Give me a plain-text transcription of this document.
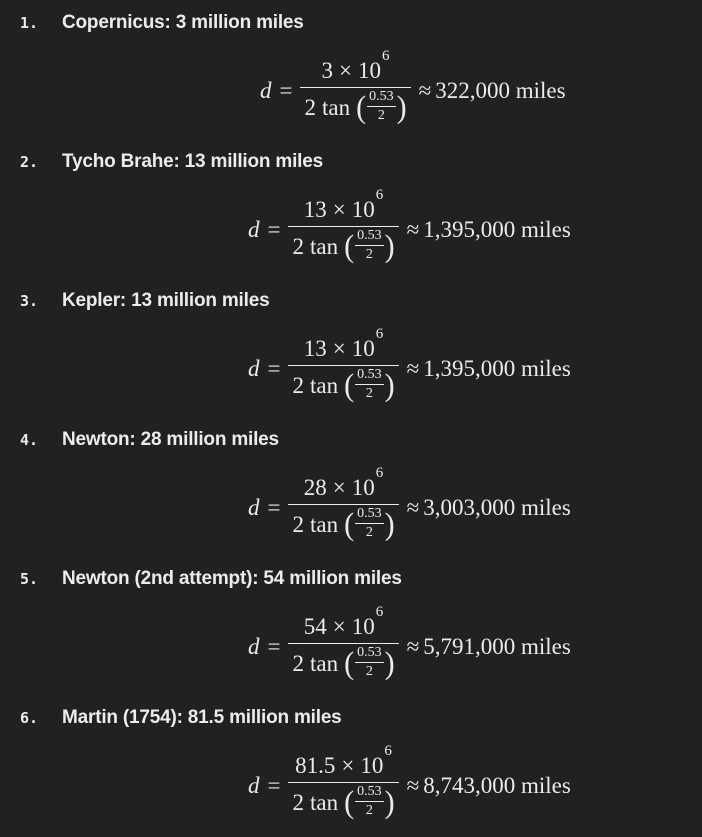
1.	Copernicus: 3 million miles
d =
3 × 10
6
2 tan ( 0.53
2 ) ≈ 322,000 miles
2.	Tycho Brahe: 13 million miles
d =
13 × 10
6
2 tan ( 0.53
2 ) ≈ 1,395,000 miles
3.	Kepler: 13 million miles
d =
13 × 10
6
2 tan ( 0.53
2 ) ≈ 1,395,000 miles
4.	Newton: 28 million miles
d =
28 × 10
6
2 tan ( 0.53
2 ) ≈ 3,003,000 miles
5.	Newton (2nd attempt): 54 million miles
d =
54 × 10
6
2 tan ( 0.53
2 ) ≈ 5,791,000 miles
6.	Martin (1754): 81.5 million miles
d =
81.5 × 10
6
2 tan ( 0.53
2 ) ≈ 8,743,000 miles
